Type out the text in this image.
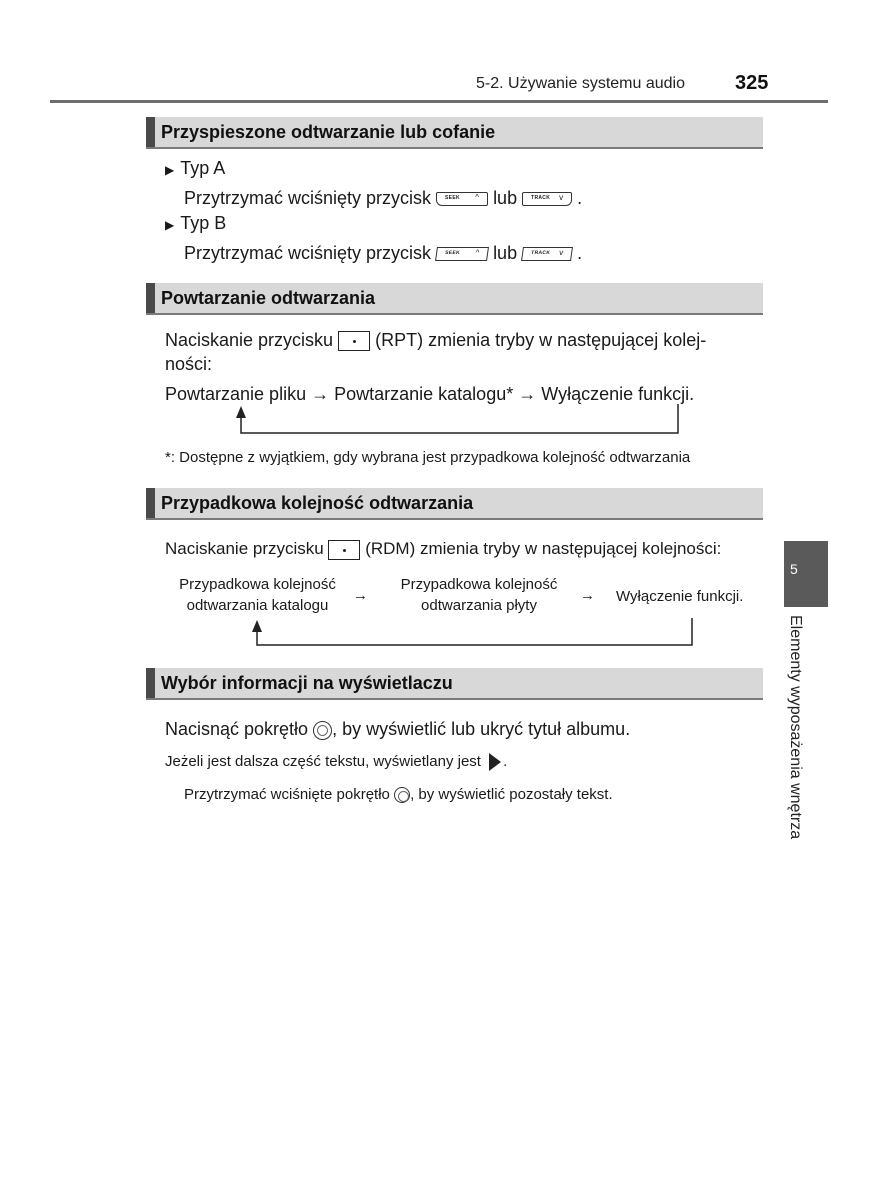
5-2. Używanie systemu audio	325
5
Elementy wyposażenia wnętrza
Przyspieszone odtwarzanie lub cofanie
▶ Typ A
Przytrzymać wciśnięty przycisk	SEEK ^ lub	TRACK v .
▶ Typ B
Przytrzymać wciśnięty przycisk	SEEK ^ lub	TRACK v .
Powtarzanie odtwarzania
Naciskanie przycisku (RPT) zmienia tryby w następującej kolej-
ności:
Powtarzanie pliku → Powtarzanie katalogu* → Wyłączenie funkcji.
*: Dostępne z wyjątkiem, gdy wybrana jest przypadkowa kolejność odtwarzania
Przypadkowa kolejność odtwarzania
Naciskanie przycisku (RDM) zmienia tryby w następującej kolejności:
Przypadkowa kolejność
odtwarzania katalogu
→
Przypadkowa kolejność
odtwarzania płyty
→ Wyłączenie funkcji.
Wybór informacji na wyświetlaczu
Nacisnąć pokrętło , by wyświetlić lub ukryć tytuł albumu.
Jeżeli jest dalsza część tekstu, wyświetlany jest .
Przytrzymać wciśnięte pokrętło , by wyświetlić pozostały tekst.
